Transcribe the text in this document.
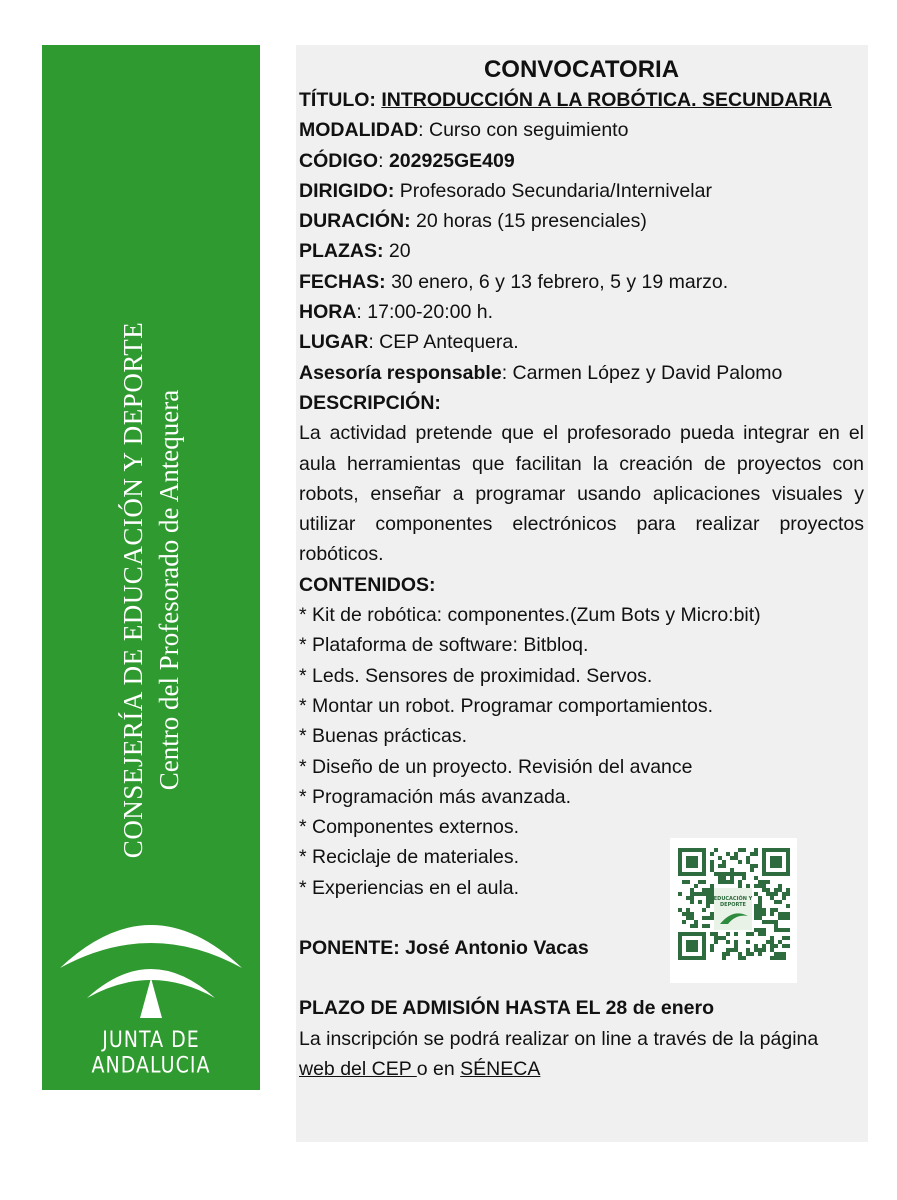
CONSEJERÍA DE EDUCACIÓN Y DEPORTE Centro del Profesorado de Antequera
JUNTA DE ANDALUCIA
CONVOCATORIA
TÍTULO: INTRODUCCIÓN A LA ROBÓTICA. SECUNDARIA
MODALIDAD: Curso con seguimiento
CÓDIGO: 202925GE409
DIRIGIDO: Profesorado Secundaria/Internivelar
DURACIÓN: 20 horas (15 presenciales)
PLAZAS: 20
FECHAS: 30 enero, 6 y 13 febrero, 5 y 19 marzo.
HORA: 17:00-20:00 h.
LUGAR: CEP Antequera.
Asesoría responsable: Carmen López y David Palomo
DESCRIPCIÓN:
La actividad pretende que el profesorado pueda integrar en el aula herramientas que facilitan la creación de proyectos con robots, enseñar a programar usando aplicaciones visuales y utilizar componentes electrónicos para realizar proyectos robóticos.
CONTENIDOS:
* Kit de robótica: componentes.(Zum Bots y Micro:bit)
* Plataforma de software: Bitbloq.
* Leds. Sensores de proximidad. Servos.
* Montar un robot. Programar comportamientos.
* Buenas prácticas.
* Diseño de un proyecto. Revisión del avance
* Programación más avanzada.
* Componentes externos.
* Reciclaje de materiales.
* Experiencias en el aula.
PONENTE: José Antonio Vacas
PLAZO DE ADMISIÓN HASTA EL 28 de enero
La inscripción se podrá realizar on line a través de la página
web del CEP o en SÉNECA
EDUCACIÓN Y
DEPORTE
